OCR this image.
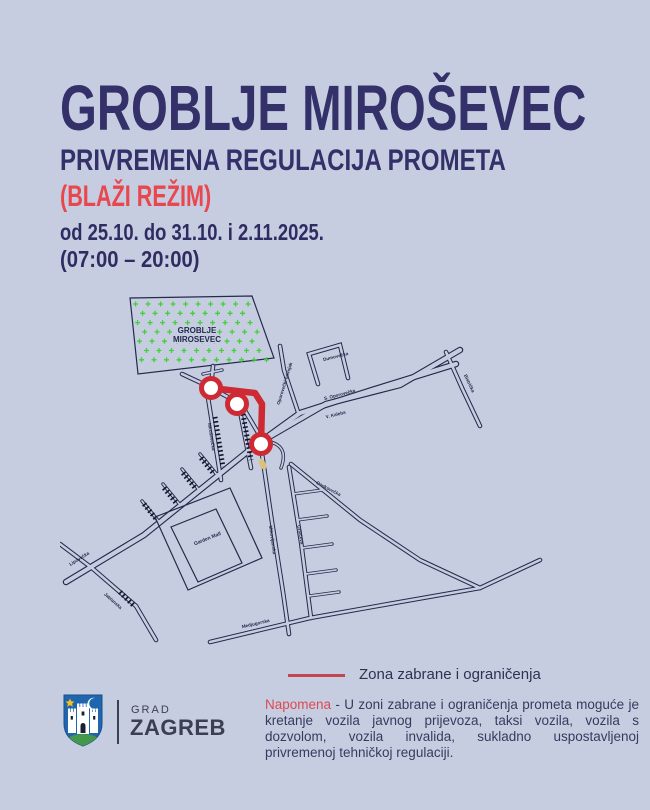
GROBLJE MIROŠEVEC
PRIVREMENA REGULACIJA PROMETA
(BLAŽI REŽIM)
od 25.10. do 31.10. i 2.11.2025.
(07:00 – 20:00)
Garden Mall
Oporovečki odvojak
Dumovečka
S. Oporovečka
V. Kaleba
Bistrička
Miroševečka
Dankovečka
Oršićeva
Mihovljanska
Medjugorska
Jablanska
Lipovečka
GROBLJE
MIROSEVEC
Zona zabrane i ograničenja
Napomena - U zoni zabrane i ograničenja prometa moguće je kretanje vozila javnog prijevoza, taksi vozila, vozila s dozvolom, vozila invalida, sukladno uspostavljenoj privremenoj tehničkoj regulaciji.
GRAD
ZAGREB
